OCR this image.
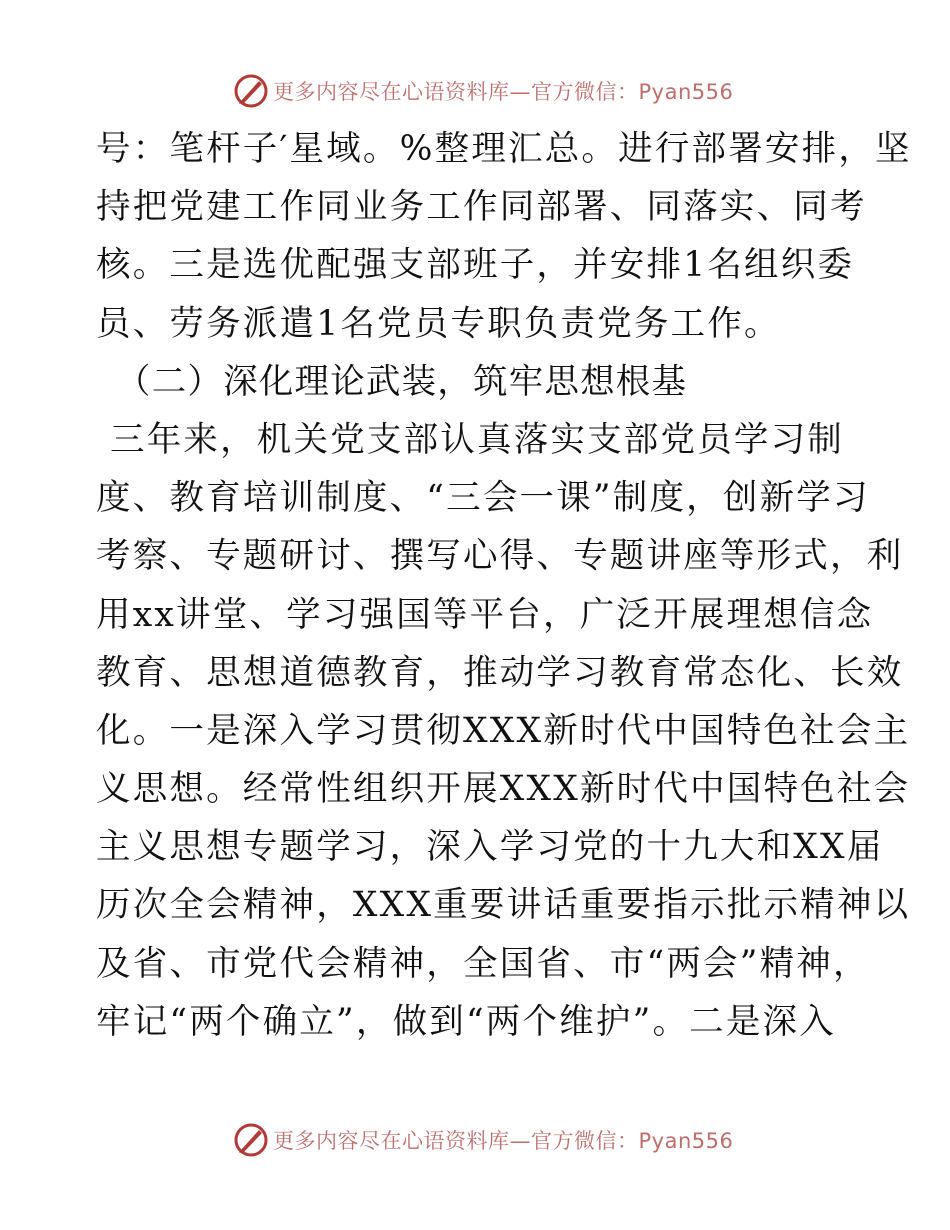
更多内容尽在心语资料库—官方微信：Pyan556
号：笔杆子′星域。%整理汇总。进行部署安排，坚
持把党建工作同业务工作同部署、同落实、同考
核。三是选优配强支部班子，并安排1名组织委
员、劳务派遣1名党员专职负责党务工作。
（二）深化理论武装，筑牢思想根基
三年来，机关党支部认真落实支部党员学习制
度、教育培训制度、“三会一课”制度，创新学习
考察、专题研讨、撰写心得、专题讲座等形式，利
用xx讲堂、学习强国等平台，广泛开展理想信念
教育、思想道德教育，推动学习教育常态化、长效
化。一是深入学习贯彻XXX新时代中国特色社会主
义思想。经常性组织开展XXX新时代中国特色社会
主义思想专题学习，深入学习党的十九大和XX届
历次全会精神，XXX重要讲话重要指示批示精神以
及省、市党代会精神，全国省、市“两会”精神，
牢记“两个确立”，做到“两个维护”。二是深入
更多内容尽在心语资料库—官方微信：Pyan556
